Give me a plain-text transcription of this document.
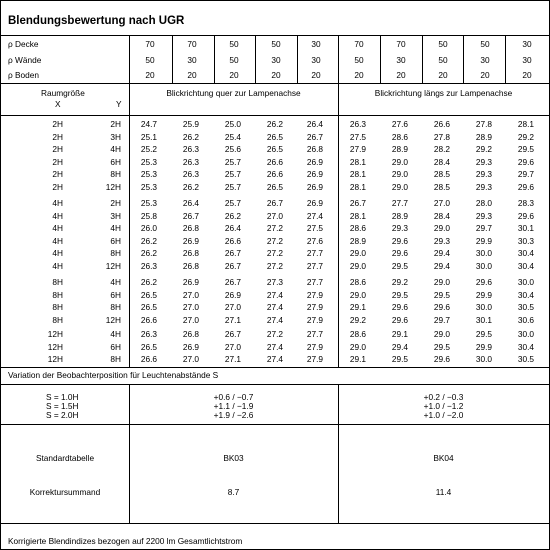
Blendungsbewertung nach UGR
ρ Decke	70	70	50	50	30	70	70	50	50	30
ρ Wände	50	30	50	30	30	50	30	50	30	30
ρ Boden	20	20	20	20	20	20	20	20	20	20
Raumgröße
X	Y
Blickrichtung quer zur Lampenachse	Blickrichtung längs zur Lampenachse
2H	2H	24.7	25.9	25.0	26.2	26.4	26.3	27.6	26.6	27.8	28.1
2H	3H	25.1	26.2	25.4	26.5	26.7	27.5	28.6	27.8	28.9	29.2
2H	4H	25.2	26.3	25.6	26.5	26.8	27.9	28.9	28.2	29.2	29.5
2H	6H	25.3	26.3	25.7	26.6	26.9	28.1	29.0	28.4	29.3	29.6
2H	8H	25.3	26.3	25.7	26.6	26.9	28.1	29.0	28.5	29.3	29.7
2H	12H	25.3	26.2	25.7	26.5	26.9	28.1	29.0	28.5	29.3	29.6
4H	2H	25.3	26.4	25.7	26.7	26.9	26.7	27.7	27.0	28.0	28.3
4H	3H	25.8	26.7	26.2	27.0	27.4	28.1	28.9	28.4	29.3	29.6
4H	4H	26.0	26.8	26.4	27.2	27.5	28.6	29.3	29.0	29.7	30.1
4H	6H	26.2	26.9	26.6	27.2	27.6	28.9	29.6	29.3	29.9	30.3
4H	8H	26.2	26.8	26.7	27.2	27.7	29.0	29.6	29.4	30.0	30.4
4H	12H	26.3	26.8	26.7	27.2	27.7	29.0	29.5	29.4	30.0	30.4
8H	4H	26.2	26.9	26.7	27.3	27.7	28.6	29.2	29.0	29.6	30.0
8H	6H	26.5	27.0	26.9	27.4	27.9	29.0	29.5	29.5	29.9	30.4
8H	8H	26.5	27.0	27.0	27.4	27.9	29.1	29.6	29.6	30.0	30.5
8H	12H	26.6	27.0	27.1	27.4	27.9	29.2	29.6	29.7	30.1	30.6
12H	4H	26.3	26.8	26.7	27.2	27.7	28.6	29.1	29.0	29.5	30.0
12H	6H	26.5	26.9	27.0	27.4	27.9	29.0	29.4	29.5	29.9	30.4
12H	8H	26.6	27.0	27.1	27.4	27.9	29.1	29.5	29.6	30.0	30.5
Variation der Beobachterposition für Leuchtenabstände S
S = 1.0H	+0.6 / −0.7	+0.2 / −0.3
S = 1.5H	+1.1 / −1.9	+1.0 / −1.2
S = 2.0H	+1.9 / −2.6	+1.0 / −2.0
Standardtabelle	BK03	BK04
Korrektursummand	8.7	11.4
Korrigierte Blendindizes bezogen auf 2200 lm Gesamtlichtstrom
